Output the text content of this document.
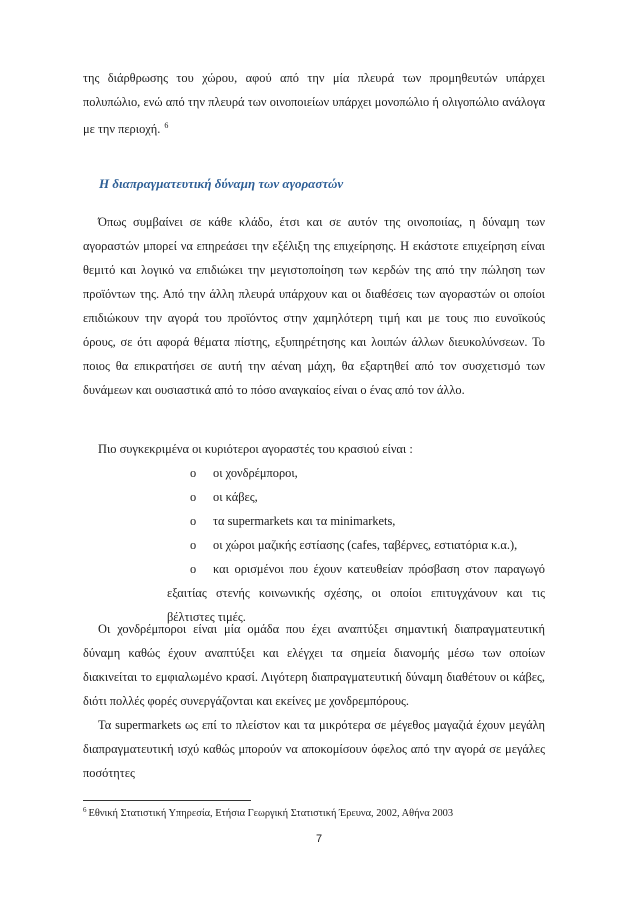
της διάρθρωσης του χώρου, αφού από την μία πλευρά των προμηθευτών υπάρχει πολυπώλιο, ενώ από την πλευρά των οινοποιείων υπάρχει μονοπώλιο ή ολιγοπώλιο ανάλογα με την περιοχή. $^6$

Η διαπραγματευτική δύναμη των αγοραστών

Όπως συμβαίνει σε κάθε κλάδο, έτσι και σε αυτόν της οινοποιίας, η δύναμη των αγοραστών μπορεί να επηρεάσει την εξέλιξη της επιχείρησης. Η εκάστοτε επιχείρηση είναι θεμιτό και λογικό να επιδιώκει την μεγιστοποίηση των κερδών της από την πώληση των προϊόντων της. Από την άλλη πλευρά υπάρχουν και οι διαθέσεις των αγοραστών οι οποίοι επιδιώκουν την αγορά του προϊόντος στην χαμηλότερη τιμή και με τους πιο ευνοϊκούς όρους, σε ότι αφορά θέματα πίστης, εξυπηρέτησης και λοιπών άλλων διευκολύνσεων. Το ποιος θα επικρατήσει σε αυτή την αέναη μάχη, θα εξαρτηθεί από τον συσχετισμό των δυνάμεων και ουσιαστικά από το πόσο αναγκαίος είναι ο ένας από τον άλλο.

Πιο συγκεκριμένα οι κυριότεροι αγοραστές του κρασιού είναι :

o	οι χονδρέμποροι,
o	οι κάβες,
o	τα supermarkets και τα minimarkets,
o	οι χώροι μαζικής εστίασης (cafes, ταβέρνες, εστιατόρια κ.α.),
o	και ορισμένοι που έχουν κατευθείαν πρόσβαση στον παραγωγό εξαιτίας στενής κοινωνικής σχέσης, οι οποίοι επιτυγχάνουν και τις βέλτιστες τιμές.

Οι χονδρέμποροι είναι μία ομάδα που έχει αναπτύξει σημαντική διαπραγματευτική δύναμη καθώς έχουν αναπτύξει και ελέγχει τα σημεία διανομής μέσω των οποίων διακινείται το εμφιαλωμένο κρασί. Λιγότερη διαπραγματευτική δύναμη διαθέτουν οι κάβες, διότι πολλές φορές συνεργάζονται και εκείνες με χονδρεμπόρους.

Τα supermarkets ως επί το πλείστον και τα μικρότερα σε μέγεθος μαγαζιά έχουν μεγάλη διαπραγματευτική ισχύ καθώς μπορούν να αποκομίσουν όφελος από την αγορά σε μεγάλες ποσότητες

$^6$ Εθνική Στατιστική Υπηρεσία, Ετήσια Γεωργική Στατιστική Έρευνα, 2002, Αθήνα 2003
7
